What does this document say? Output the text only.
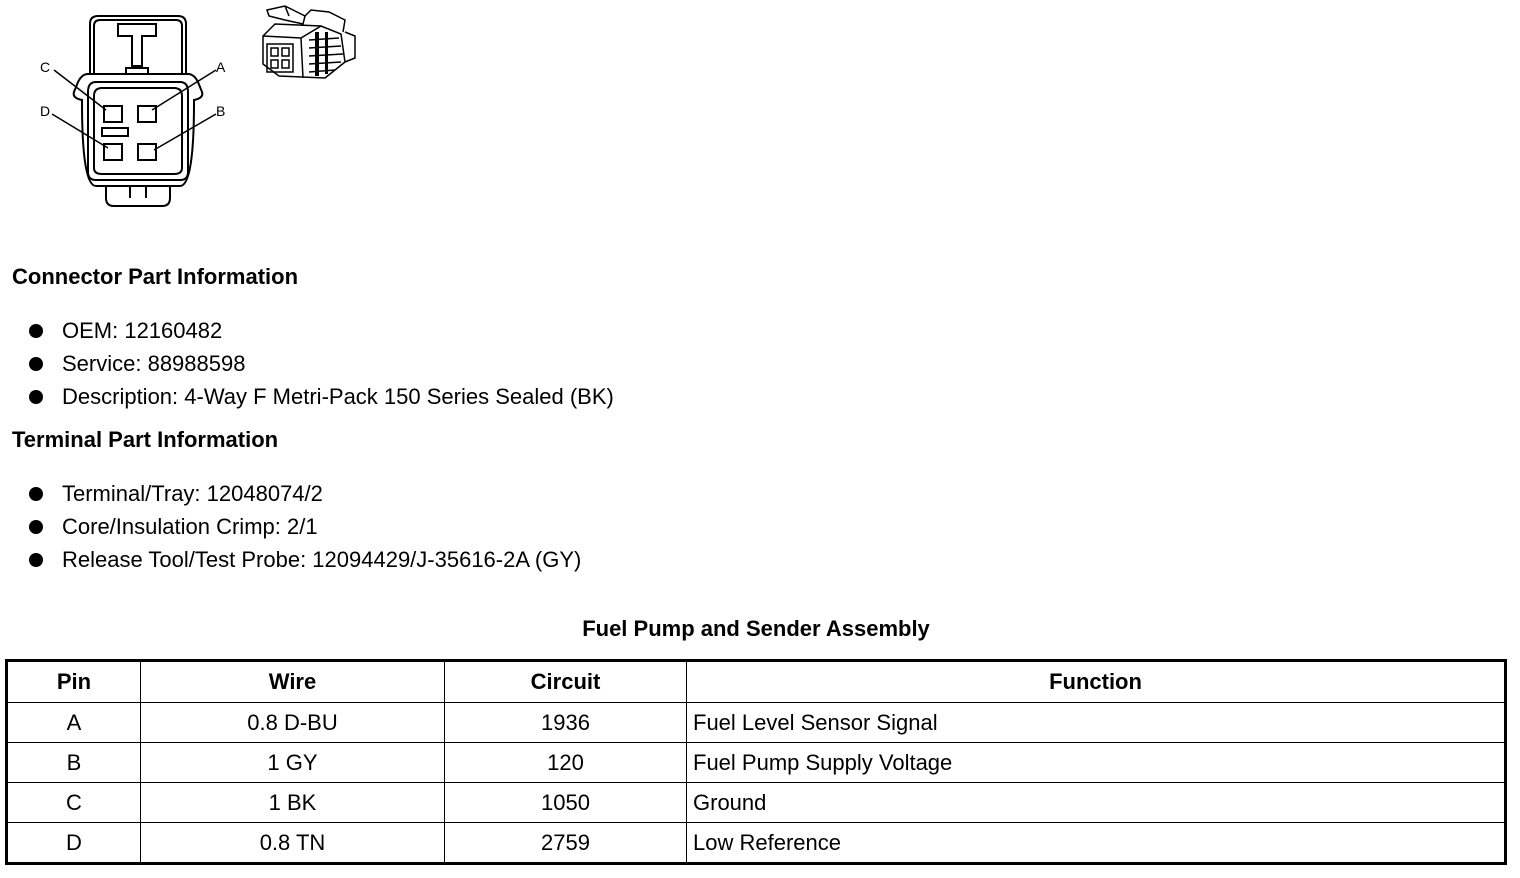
C	A
D	B
Connector Part Information
OEM: 12160482
Service: 88988598
Description: 4-Way F Metri-Pack 150 Series Sealed (BK)
Terminal Part Information
Terminal/Tray: 12048074/2
Core/Insulation Crimp: 2/1
Release Tool/Test Probe: 12094429/J-35616-2A (GY)
Fuel Pump and Sender Assembly
Pin	Wire	Circuit	Function
A	0.8 D-BU	1936	Fuel Level Sensor Signal
B	1 GY	120	Fuel Pump Supply Voltage
C	1 BK	1050	Ground
D	0.8 TN	2759	Low Reference
